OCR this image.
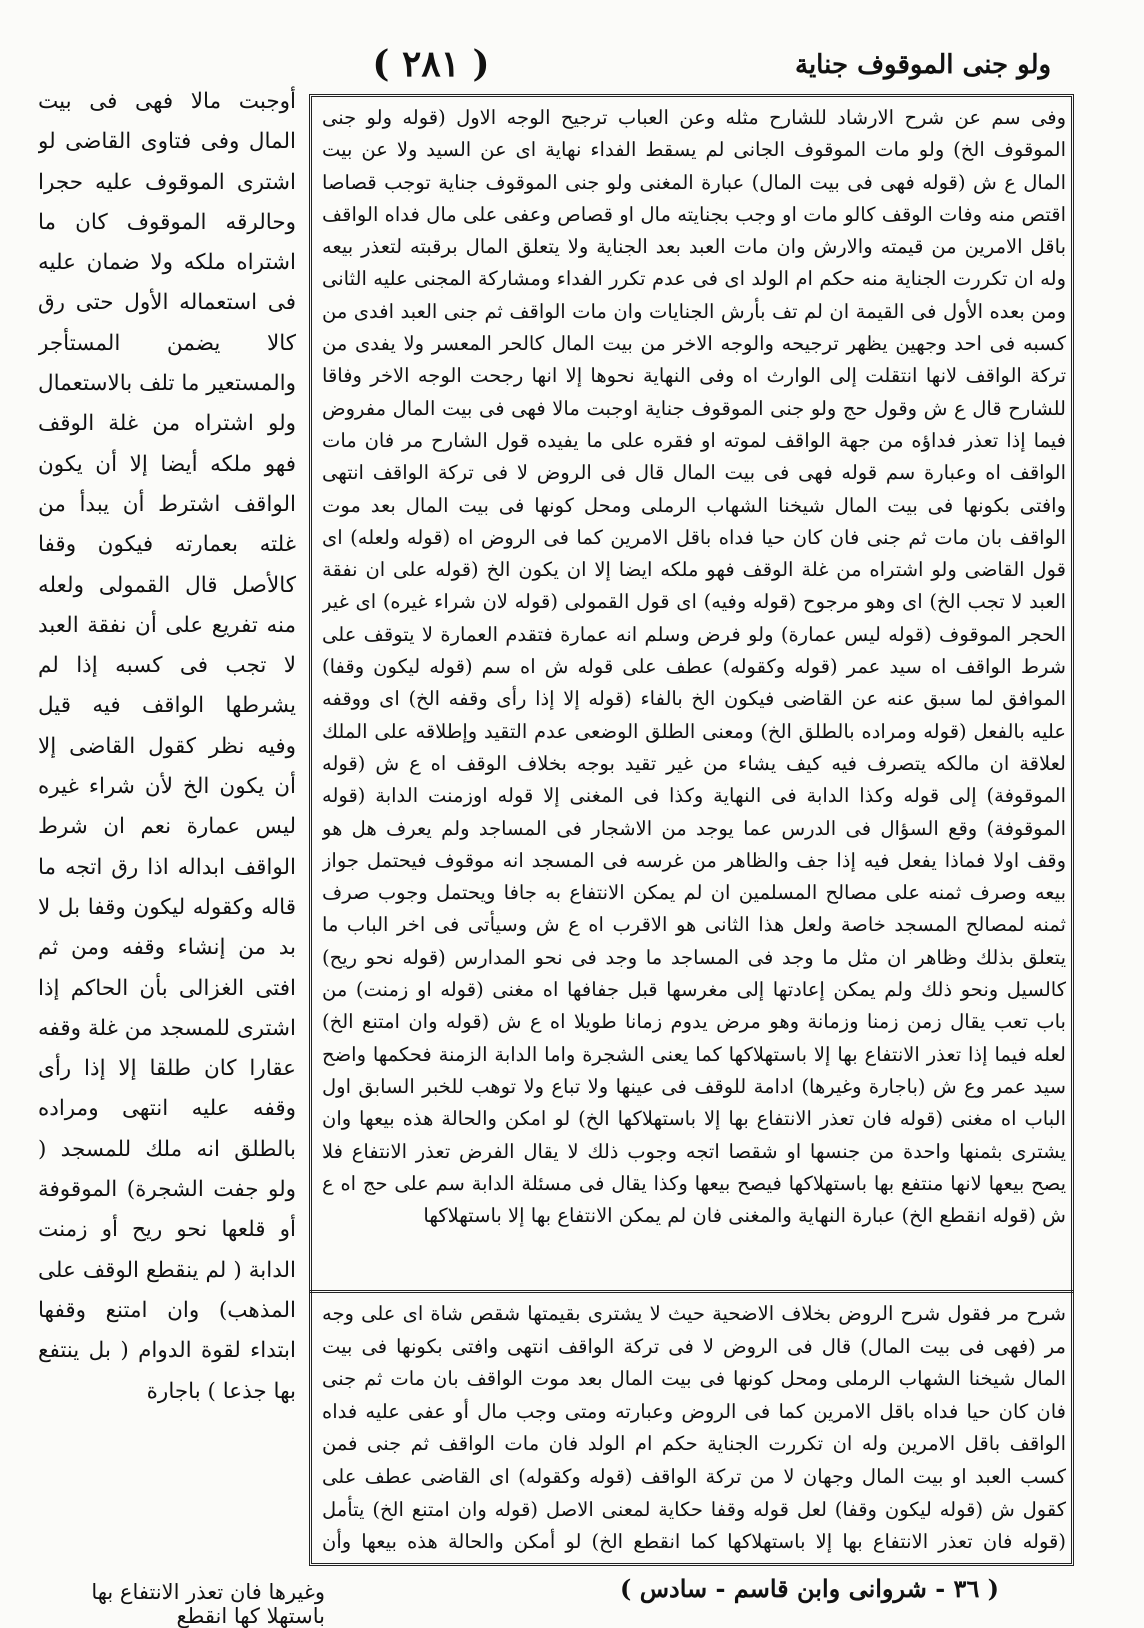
( ٢٨١ )	ولو جنى الموقوف جناية

وفى سم عن شرح الارشاد للشارح مثله وعن العباب ترجيح الوجه الاول (قوله ولو جنى الموقوف الخ) ولو مات الموقوف الجانى لم يسقط الفداء نهاية اى عن السيد ولا عن بيت المال ع ش (قوله فهى فى بيت المال) عبارة المغنى ولو جنى الموقوف جناية توجب قصاصا اقتص منه وفات الوقف كالو مات او وجب بجنايته مال او قصاص وعفى على مال فداه الواقف باقل الامرين من قيمته والارش وان مات العبد بعد الجناية ولا يتعلق المال برقبته لتعذر بيعه وله ان تكررت الجناية منه حكم ام الولد اى فى عدم تكرر الفداء ومشاركة المجنى عليه الثانى ومن بعده الأول فى القيمة ان لم تف بأرش الجنايات وان مات الواقف ثم جنى العبد افدى من كسبه فى احد وجهين يظهر ترجيحه والوجه الاخر من بيت المال كالحر المعسر ولا يفدى من تركة الواقف لانها انتقلت إلى الوارث اه وفى النهاية نحوها إلا انها رجحت الوجه الاخر وفاقا للشارح قال ع ش وقول حج ولو جنى الموقوف جناية اوجبت مالا فهى فى بيت المال مفروض فيما إذا تعذر فداؤه من جهة الواقف لموته او فقره على ما يفيده قول الشارح مر فان مات الواقف اه وعبارة سم قوله فهى فى بيت المال قال فى الروض لا فى تركة الواقف انتهى وافتى بكونها فى بيت المال شيخنا الشهاب الرملى ومحل كونها فى بيت المال بعد موت الواقف بان مات ثم جنى فان كان حيا فداه باقل الامرين كما فى الروض اه (قوله ولعله) اى قول القاضى ولو اشتراه من غلة الوقف فهو ملكه ايضا إلا ان يكون الخ (قوله على ان نفقة العبد لا تجب الخ) اى وهو مرجوح (قوله وفيه) اى قول القمولى (قوله لان شراء غيره) اى غير الحجر الموقوف (قوله ليس عمارة) ولو فرض وسلم انه عمارة فتقدم العمارة لا يتوقف على شرط الواقف اه سيد عمر (قوله وكقوله) عطف على قوله ش اه سم (قوله ليكون وقفا) الموافق لما سبق عنه عن القاضى فيكون الخ بالفاء (قوله إلا إذا رأى وقفه الخ) اى ووقفه عليه بالفعل (قوله ومراده بالطلق الخ) ومعنى الطلق الوضعى عدم التقيد وإطلاقه على الملك لعلاقة ان مالكه يتصرف فيه كيف يشاء من غير تقيد بوجه بخلاف الوقف اه ع ش (قوله الموقوفة) إلى قوله وكذا الدابة فى النهاية وكذا فى المغنى إلا قوله اوزمنت الدابة (قوله الموقوفة) وقع السؤال فى الدرس عما يوجد من الاشجار فى المساجد ولم يعرف هل هو وقف اولا فماذا يفعل فيه إذا جف والظاهر من غرسه فى المسجد انه موقوف فيحتمل جواز بيعه وصرف ثمنه على مصالح المسلمين ان لم يمكن الانتفاع به جافا ويحتمل وجوب صرف ثمنه لمصالح المسجد خاصة ولعل هذا الثانى هو الاقرب اه ع ش وسيأتى فى اخر الباب ما يتعلق بذلك وظاهر ان مثل ما وجد فى المساجد ما وجد فى نحو المدارس (قوله نحو ريح) كالسيل ونحو ذلك ولم يمكن إعادتها إلى مغرسها قبل جفافها اه مغنى (قوله او زمنت) من باب تعب يقال زمن زمنا وزمانة وهو مرض يدوم زمانا طويلا اه ع ش (قوله وان امتنع الخ) لعله فيما إذا تعذر الانتفاع بها إلا باستهلاكها كما يعنى الشجرة واما الدابة الزمنة فحكمها واضح سيد عمر وع ش (باجارة وغيرها) ادامة للوقف فى عينها ولا تباع ولا توهب للخبر السابق اول الباب اه مغنى (قوله فان تعذر الانتفاع بها إلا باستهلاكها الخ) لو امكن والحالة هذه بيعها وان يشترى بثمنها واحدة من جنسها او شقصا اتجه وجوب ذلك لا يقال الفرض تعذر الانتفاع فلا يصح بيعها لانها منتفع بها باستهلاكها فيصح بيعها وكذا يقال فى مسئلة الدابة سم على حج اه ع ش (قوله انقطع الخ) عبارة النهاية والمغنى فان لم يمكن الانتفاع بها إلا باستهلاكها

شرح مر فقول شرح الروض بخلاف الاضحية حيث لا يشترى بقيمتها شقص شاة اى على وجه مر (فهى فى بيت المال) قال فى الروض لا فى تركة الواقف انتهى وافتى بكونها فى بيت المال شيخنا الشهاب الرملى ومحل كونها فى بيت المال بعد موت الواقف بان مات ثم جنى فان كان حيا فداه باقل الامرين كما فى الروض وعبارته ومتى وجب مال أو عفى عليه فداه الواقف باقل الامرين وله ان تكررت الجناية حكم ام الولد فان مات الواقف ثم جنى فمن كسب العبد او بيت المال وجهان لا من تركة الواقف (قوله وكقوله) اى القاضى عطف على كقول ش (قوله ليكون وقفا) لعل قوله وقفا حكاية لمعنى الاصل (قوله وان امتنع الخ) يتأمل (قوله فان تعذر الانتفاع بها إلا باستهلاكها كما انقطع الخ) لو أمكن والحالة هذه بيعها وأن

أوجبت مالا فهى فى بيت المال وفى فتاوى القاضى لو اشترى الموقوف عليه حجرا وحالرقه الموقوف كان ما اشتراه ملكه ولا ضمان عليه فى استعماله الأول حتى رق كالا يضمن المستأجر والمستعير ما تلف بالاستعمال ولو اشتراه من غلة الوقف فهو ملكه أيضا إلا أن يكون الواقف اشترط أن يبدأ من غلته بعمارته فيكون وقفا كالأصل قال القمولى ولعله منه تفريع على أن نفقة العبد لا تجب فى كسبه إذا لم يشرطها الواقف فيه قيل وفيه نظر كقول القاضى إلا أن يكون الخ لأن شراء غيره ليس عمارة نعم ان شرط الواقف ابداله اذا رق اتجه ما قاله وكقوله ليكون وقفا بل لا بد من إنشاء وقفه ومن ثم افتى الغزالى بأن الحاكم إذا اشترى للمسجد من غلة وقفه عقارا كان طلقا إلا إذا رأى وقفه عليه انتهى ومراده بالطلق انه ملك للمسجد ( ولو جفت الشجرة) الموقوفة أو قلعها نحو ريح أو زمنت الدابة ( لم ينقطع الوقف على المذهب) وان امتنع وقفها ابتداء لقوة الدوام ( بل ينتفع بها جذعا ) باجارة

وغيرها فان تعذر الانتفاع بها باستهلا كها انقطع
( ٣٦ - شروانى وابن قاسم - سادس )
